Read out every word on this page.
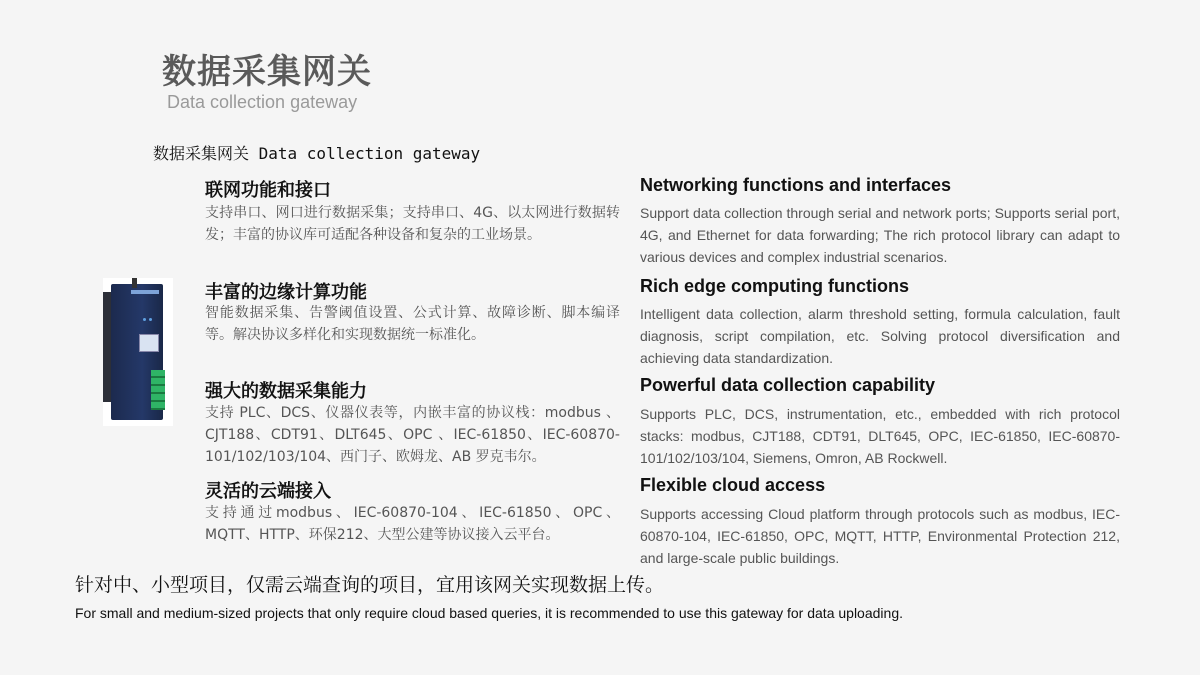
数据采集网关
Data collection gateway
数据采集网关 Data collection gateway
联网功能和接口
支持串口、网口进行数据采集；支持串口、4G、以太网进行数据转发；丰富的协议库可适配各种设备和复杂的工业场景。
Networking functions and interfaces
Support data collection through serial and network ports; Supports serial port, 4G, and Ethernet for data forwarding; The rich protocol library can adapt to various devices and complex industrial scenarios.
丰富的边缘计算功能
智能数据采集、告警阈值设置、公式计算、故障诊断、脚本编译等。解决协议多样化和实现数据统一标准化。
Rich edge computing functions
Intelligent data collection, alarm threshold setting, formula calculation, fault diagnosis, script compilation, etc. Solving protocol diversification and achieving data standardization.
强大的数据采集能力
支持 PLC、DCS、仪器仪表等，内嵌丰富的协议栈：modbus 、CJT188、CDT91、DLT645、OPC 、IEC-61850、IEC-60870-101/102/103/104、西门子、欧姆龙、AB 罗克韦尔。
Powerful data collection capability
Supports PLC, DCS, instrumentation, etc., embedded with rich protocol stacks: modbus, CJT188, CDT91, DLT645, OPC, IEC-61850, IEC-60870-101/102/103/104, Siemens, Omron, AB Rockwell.
灵活的云端接入
支持通过modbus、IEC-60870-104、IEC-61850、OPC、MQTT、HTTP、环保212、大型公建等协议接入云平台。
Flexible cloud access
Supports accessing Cloud platform through protocols such as modbus, IEC-60870-104, IEC-61850, OPC, MQTT, HTTP, Environmental Protection 212, and large-scale public buildings.
针对中、小型项目，仅需云端查询的项目，宜用该网关实现数据上传。
For small and medium-sized projects that only require cloud based queries, it is recommended to use this gateway for data uploading.
